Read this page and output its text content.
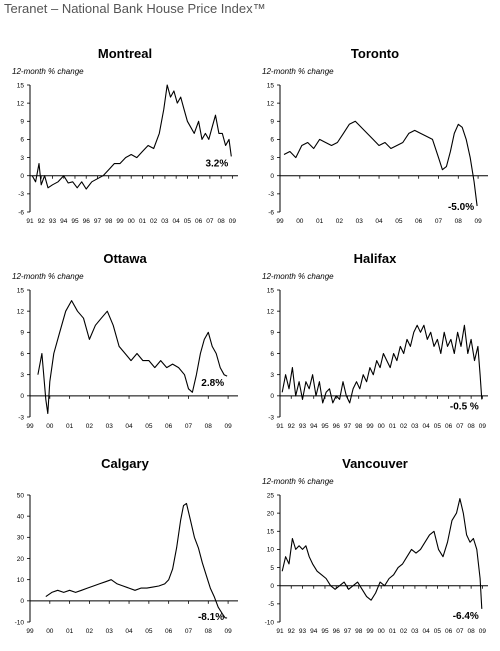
Teranet – National Bank House Price Index™
Montreal
12-month % change
-6
-3
0
3
6
9
12
15
91 92 93 94 95 96 97 98 99 00 01 02 03 04 05 06 07 08 09
3.2%
Toronto
12-month % change
-6
-3
0
3
6
9
12
15
99 00 01 02 03 04 05 06 07 08 09
-5.0%
Ottawa
12-month % change
-3
0
3
6
9
12
15
99 00 01 02 03 04 05 06 07 08 09
2.8%
Halifax
12-month % change
-3
0
3
6
9
12
15
91 92 93 94 95 96 97 98 99 00 01 02 03 04 05 06 07 08 09
-0.5 %
Calgary
-10
0
10
20
30
40
50
99 00 01 02 03 04 05 06 07 08 09
-8.1%
Vancouver
12-month % change
-10
-5
0
5
10
15
20
25
91 92 93 94 95 96 97 98 99 00 01 02 03 04 05 06 07 08 09
-6.4%
